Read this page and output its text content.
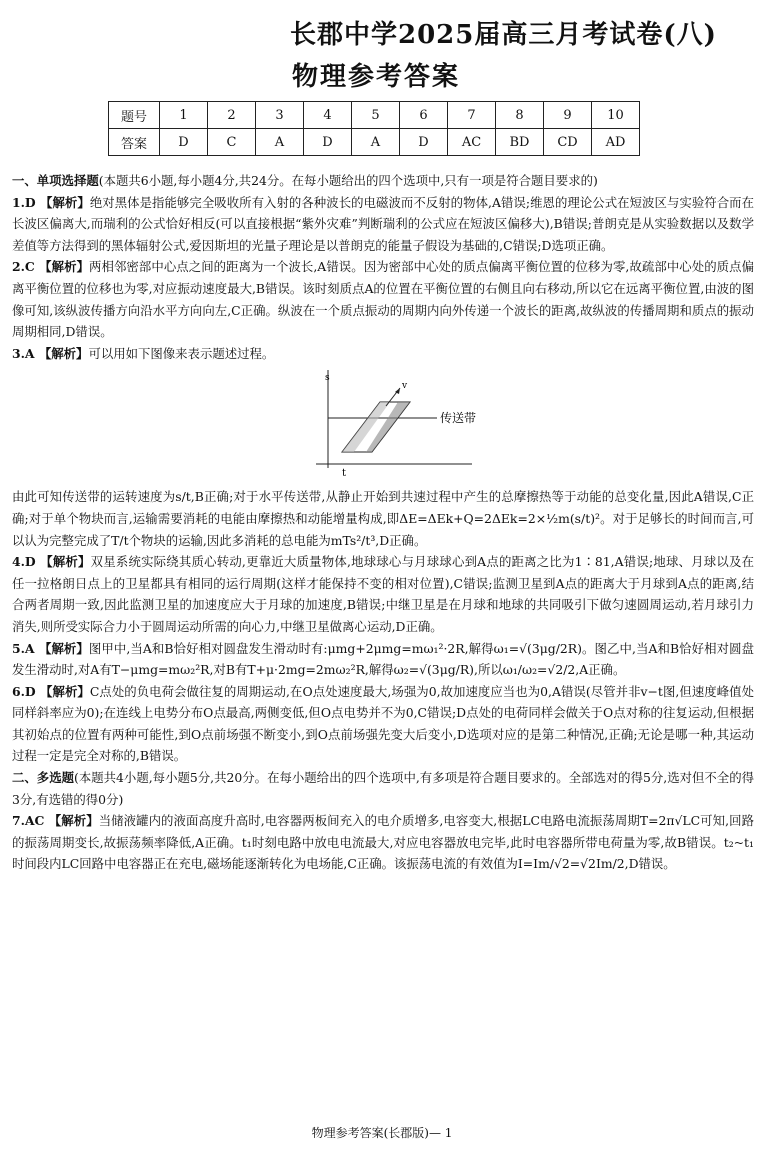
长郡中学2025届高三月考试卷(八)
物理参考答案
题号	1	2	3	4	5	6	7	8	9	10
答案	D	C	A	D	A	D	AC	BD	CD	AD

一、单项选择题(本题共6小题,每小题4分,共24分。在每小题给出的四个选项中,只有一项是符合题目要求的)

1.D 【解析】绝对黑体是指能够完全吸收所有入射的各种波长的电磁波而不反射的物体,A错误;维恩的理论公式在短波区与实验符合而在长波区偏离大,而瑞利的公式恰好相反(可以直接根据“紫外灾难”判断瑞利的公式应在短波区偏移大),B错误;普朗克是从实验数据以及数学差值等方法得到的黑体辐射公式,爱因斯坦的光量子理论是以普朗克的能量子假设为基础的,C错误;D选项正确。

2.C 【解析】两相邻密部中心点之间的距离为一个波长,A错误。因为密部中心处的质点偏离平衡位置的位移为零,故疏部中心处的质点偏离平衡位置的位移也为零,对应振动速度最大,B错误。该时刻质点A的位置在平衡位置的右侧且向右移动,所以它在远离平衡位置,由波的图像可知,该纵波传播方向沿水平方向向左,C正确。纵波在一个质点振动的周期内向外传递一个波长的距离,故纵波的传播周期和质点的振动周期相同,D错误。

3.A 【解析】可以用如下图像来表示题述过程。

s
v
t
传送带

由此可知传送带的运转速度为s/t,B正确;对于水平传送带,从静止开始到共速过程中产生的总摩擦热等于动能的总变化量,因此A错误,C正确;对于单个物块而言,运输需要消耗的电能由摩擦热和动能增量构成,即ΔE=ΔEk+Q=2ΔEk=2×½m(s/t)²。对于足够长的时间而言,可以认为完整完成了T/t个物块的运输,因此多消耗的总电能为mTs²/t³,D正确。

4.D 【解析】双星系统实际绕其质心转动,更靠近大质量物体,地球球心与月球球心到A点的距离之比为1∶81,A错误;地球、月球以及在任一拉格朗日点上的卫星都具有相同的运行周期(这样才能保持不变的相对位置),C错误;监测卫星到A点的距离大于月球到A点的距离,结合两者周期一致,因此监测卫星的加速度应大于月球的加速度,B错误;中继卫星是在月球和地球的共同吸引下做匀速圆周运动,若月球引力消失,则所受实际合力小于圆周运动所需的向心力,中继卫星做离心运动,D正确。

5.A 【解析】图甲中,当A和B恰好相对圆盘发生滑动时有:μmg+2μmg=mω₁²·2R,解得ω₁=√(3μg/2R)。图乙中,当A和B恰好相对圆盘发生滑动时,对A有T−μmg=mω₂²R,对B有T+μ·2mg=2mω₂²R,解得ω₂=√(3μg/R),所以ω₁/ω₂=√2/2,A正确。

6.D 【解析】C点处的负电荷会做往复的周期运动,在O点处速度最大,场强为0,故加速度应当也为0,A错误(尽管并非v−t图,但速度峰值处同样斜率应为0);在连线上电势分布O点最高,两侧变低,但O点电势并不为0,C错误;D点处的电荷同样会做关于O点对称的往复运动,但根据其初始点的位置有两种可能性,到O点前场强不断变小,到O点前场强先变大后变小,D选项对应的是第二种情况,正确;无论是哪一种,其运动过程一定是完全对称的,B错误。

二、多选题(本题共4小题,每小题5分,共20分。在每小题给出的四个选项中,有多项是符合题目要求的。全部选对的得5分,选对但不全的得3分,有选错的得0分)

7.AC 【解析】当储液罐内的液面高度升高时,电容器两板间充入的电介质增多,电容变大,根据LC电路电流振荡周期T=2π√LC可知,回路的振荡周期变长,故振荡频率降低,A正确。t₁时刻电路中放电电流最大,对应电容器放电完毕,此时电容器所带电荷量为零,故B错误。t₂~t₁时间段内LC回路中电容器正在充电,磁场能逐渐转化为电场能,C正确。该振荡电流的有效值为I=Im/√2=√2Im/2,D错误。

物理参考答案(长郡版)— 1
